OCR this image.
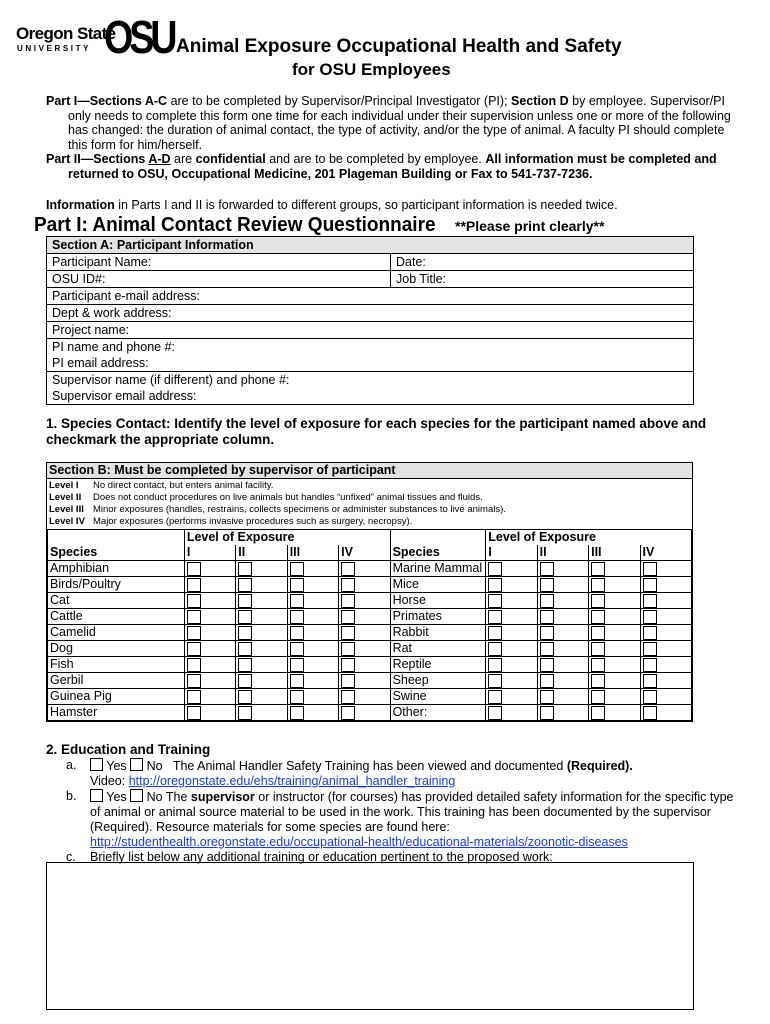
Oregon State
UNIVERSITY OSU Animal Exposure Occupational Health and Safety
for OSU Employees

Part I—Sections A-C are to be completed by Supervisor/Principal Investigator (PI); Section D by employee. Supervisor/PI only needs to complete this form one time for each individual under their supervision unless one or more of the following has changed: the duration of animal contact, the type of activity, and/or the type of animal. A faculty PI should complete this form for him/herself.

Part II—Sections A-D are confidential and are to be completed by employee. All information must be completed and returned to OSU, Occupational Medicine, 201 Plageman Building or Fax to 541-737-7236.

Information in Parts I and II is forwarded to different groups, so participant information is needed twice.
Part I: Animal Contact Review Questionnaire **Please print clearly**
Section A: Participant Information	
Participant Name:	Date:
OSU ID#:	Job Title:
Participant e-mail address:	
Dept & work address:	
Project name:	

PI name and phone #:
PI email address:	

Supervisor name (if different) and phone #:
Supervisor email address:	
1. Species Contact: Identify the level of exposure for each species for the participant named above and checkmark the appropriate column.
Section B: Must be completed by supervisor of participant
Level I No direct contact, but enters animal facility.
Level II Does not conduct procedures on live animals but handles “unfixed” animal tissues and fluids.
Level III Minor exposures (handles, restrains, collects specimens or administer substances to live animals).
Level IV Major exposures (performs invasive procedures such as surgery, necropsy).
	Level of Exposure					Level of Exposure			
Species	I	II	III	IV	Species	I	II	III	IV
Amphibian					Marine Mammal				
Birds/Poultry					Mice				
Cat					Horse				
Cattle					Primates				
Camelid					Rabbit				
Dog					Rat				
Fish					Reptile				
Gerbil					Sheep				
Guinea Pig					Swine				
Hamster					Other:				
2. Education and Training
a. Yes No The Animal Handler Safety Training has been viewed and documented (Required).
Video: http://oregonstate.edu/ehs/training/animal_handler_training
b. Yes No The supervisor or instructor (for courses) has provided detailed safety information for the specific type of animal or animal source material to be used in the work. This training has been documented by the supervisor (Required). Resource materials for some species are found here:
http://studenthealth.oregonstate.edu/occupational-health/educational-materials/zoonotic-diseases
c. Briefly list below any additional training or education pertinent to the proposed work:
